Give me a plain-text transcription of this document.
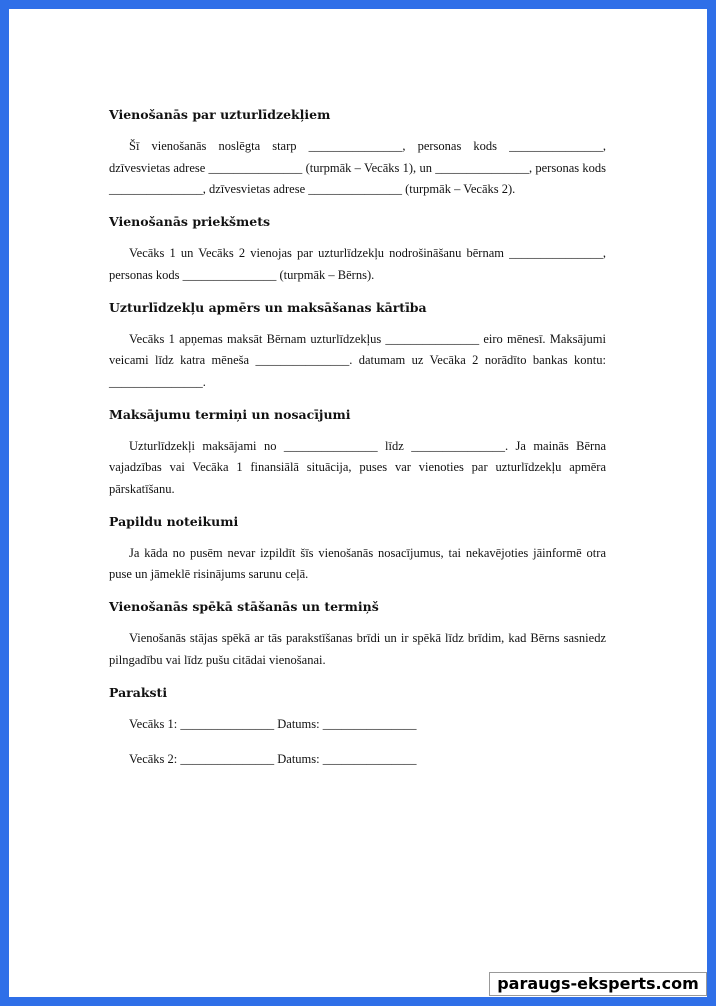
Vienošanās par uzturlīdzekļiem

Šī vienošanās noslēgta starp _______________, personas kods _______________, dzīvesvietas adrese _______________ (turpmāk – Vecāks 1), un _______________, personas kods _______________, dzīvesvietas adrese _______________ (turpmāk – Vecāks 2).

Vienošanās priekšmets

Vecāks 1 un Vecāks 2 vienojas par uzturlīdzekļu nodrošināšanu bērnam _______________, personas kods _______________ (turpmāk – Bērns).

Uzturlīdzekļu apmērs un maksāšanas kārtība

Vecāks 1 apņemas maksāt Bērnam uzturlīdzekļus _______________ eiro mēnesī. Maksājumi veicami līdz katra mēneša _______________. datumam uz Vecāka 2 norādīto bankas kontu: _______________.

Maksājumu termiņi un nosacījumi

Uzturlīdzekļi maksājami no _______________ līdz _______________. Ja mainās Bērna vajadzības vai Vecāka 1 finansiālā situācija, puses var vienoties par uzturlīdzekļu apmēra pārskatīšanu.

Papildu noteikumi

Ja kāda no pusēm nevar izpildīt šīs vienošanās nosacījumus, tai nekavējoties jāinformē otra puse un jāmeklē risinājums sarunu ceļā.

Vienošanās spēkā stāšanās un termiņš

Vienošanās stājas spēkā ar tās parakstīšanas brīdi un ir spēkā līdz brīdim, kad Bērns sasniedz pilngadību vai līdz pušu citādai vienošanai.

Paraksti

Vecāks 1: _______________ Datums: _______________

Vecāks 2: _______________ Datums: _______________

paraugs-eksperts.com
